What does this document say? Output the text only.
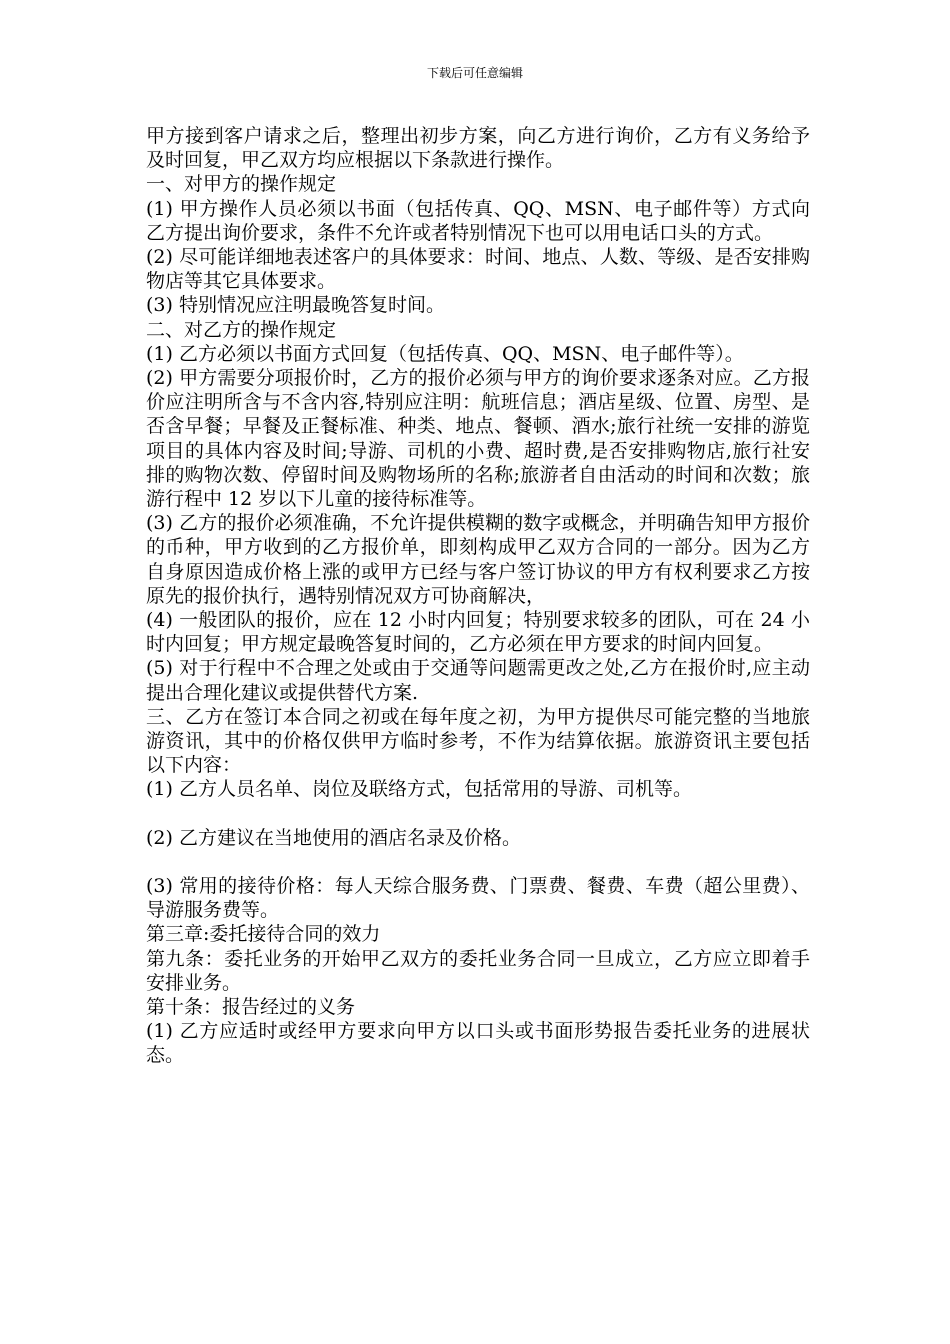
下载后可任意编辑

甲方接到客户请求之后，整理出初步方案，向乙方进行询价，乙方有义务给予及时回复，甲乙双方均应根据以下条款进行操作。

一、对甲方的操作规定

(1) 甲方操作人员必须以书面（包括传真、QQ、MSN、电子邮件等）方式向乙方提出询价要求，条件不允许或者特别情况下也可以用电话口头的方式。

(2) 尽可能详细地表述客户的具体要求：时间、地点、人数、等级、是否安排购物店等其它具体要求。

(3) 特别情况应注明最晚答复时间。

二、对乙方的操作规定

(1) 乙方必须以书面方式回复（包括传真、QQ、MSN、电子邮件等）。

(2) 甲方需要分项报价时，乙方的报价必须与甲方的询价要求逐条对应。乙方报价应注明所含与不含内容,特别应注明：航班信息；酒店星级、位置、房型、是否含早餐；早餐及正餐标准、种类、地点、餐顿、酒水;旅行社统一安排的游览项目的具体内容及时间;导游、司机的小费、超时费,是否安排购物店,旅行社安排的购物次数、停留时间及购物场所的名称;旅游者自由活动的时间和次数；旅游行程中 12 岁以下儿童的接待标准等。

(3) 乙方的报价必须准确，不允许提供模糊的数字或概念，并明确告知甲方报价的币种，甲方收到的乙方报价单，即刻构成甲乙双方合同的一部分。因为乙方自身原因造成价格上涨的或甲方已经与客户签订协议的甲方有权利要求乙方按原先的报价执行，遇特别情况双方可协商解决，

(4) 一般团队的报价，应在 12 小时内回复；特别要求较多的团队，可在 24 小时内回复；甲方规定最晚答复时间的，乙方必须在甲方要求的时间内回复。

(5) 对于行程中不合理之处或由于交通等问题需更改之处,乙方在报价时,应主动提出合理化建议或提供替代方案.

三、乙方在签订本合同之初或在每年度之初，为甲方提供尽可能完整的当地旅游资讯，其中的价格仅供甲方临时参考，不作为结算依据。旅游资讯主要包括以下内容：

(1) 乙方人员名单、岗位及联络方式，包括常用的导游、司机等。

(2) 乙方建议在当地使用的酒店名录及价格。

(3) 常用的接待价格：每人天综合服务费、门票费、餐费、车费（超公里费）、导游服务费等。

第三章:委托接待合同的效力

第九条：委托业务的开始甲乙双方的委托业务合同一旦成立，乙方应立即着手安排业务。

第十条：报告经过的义务

(1) 乙方应适时或经甲方要求向甲方以口头或书面形势报告委托业务的进展状态。
